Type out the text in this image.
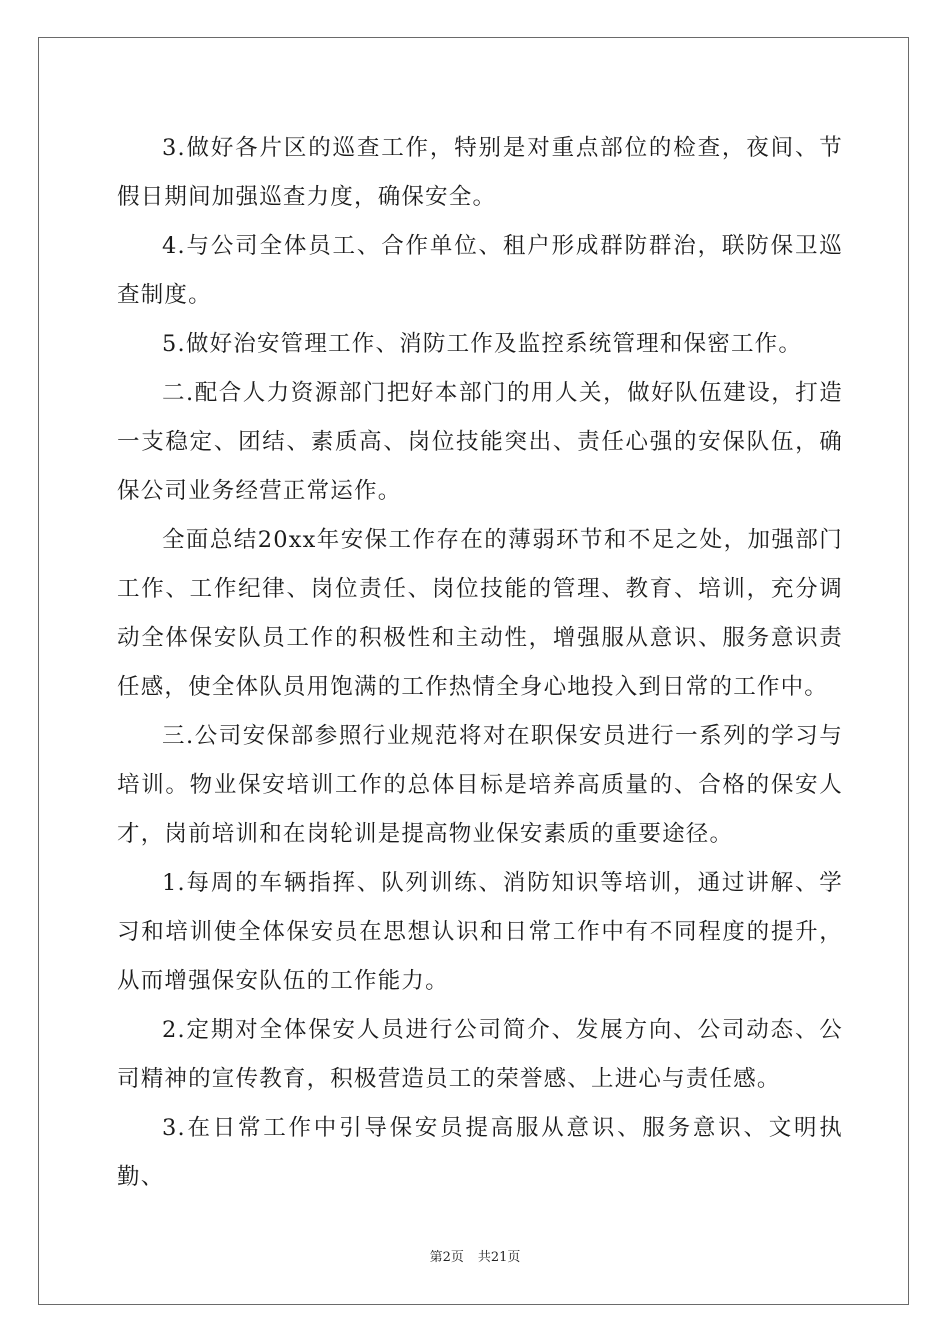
3.做好各片区的巡查工作，特别是对重点部位的检查，夜间、节假日期间加强巡查力度，确保安全。

4.与公司全体员工、合作单位、租户形成群防群治，联防保卫巡查制度。

5.做好治安管理工作、消防工作及监控系统管理和保密工作。

二.配合人力资源部门把好本部门的用人关，做好队伍建设，打造一支稳定、团结、素质高、岗位技能突出、责任心强的安保队伍，确保公司业务经营正常运作。

全面总结20xx年安保工作存在的薄弱环节和不足之处，加强部门工作、工作纪律、岗位责任、岗位技能的管理、教育、培训，充分调动全体保安队员工作的积极性和主动性，增强服从意识、服务意识责任感，使全体队员用饱满的工作热情全身心地投入到日常的工作中。

三.公司安保部参照行业规范将对在职保安员进行一系列的学习与培训。物业保安培训工作的总体目标是培养高质量的、合格的保安人才，岗前培训和在岗轮训是提高物业保安素质的重要途径。

1.每周的车辆指挥、队列训练、消防知识等培训，通过讲解、学习和培训使全体保安员在思想认识和日常工作中有不同程度的提升，从而增强保安队伍的工作能力。

2.定期对全体保安人员进行公司简介、发展方向、公司动态、公司精神的宣传教育，积极营造员工的荣誉感、上进心与责任感。

3.在日常工作中引导保安员提高服从意识、服务意识、文明执勤、

第2页 共21页
